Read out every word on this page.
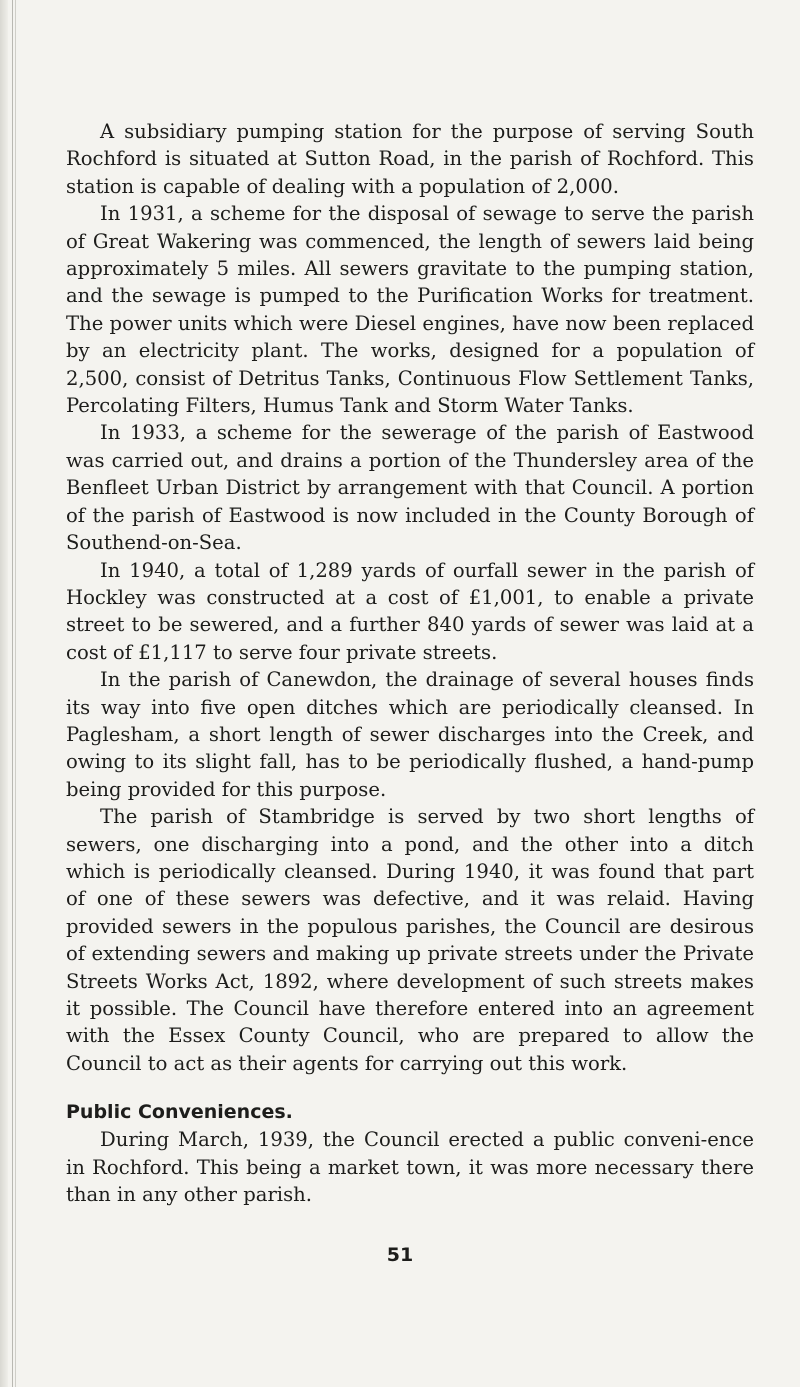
A subsidiary pumping station for the purpose of serving South Rochford is situated at Sutton Road, in the parish of Rochford. This station is capable of dealing with a population of 2,000.

In 1931, a scheme for the disposal of sewage to serve the parish of Great Wakering was commenced, the length of sewers laid being approximately 5 miles. All sewers gravitate to the pumping station, and the sewage is pumped to the Purification Works for treatment. The power units which were Diesel engines, have now been replaced by an electricity plant. The works, designed for a population of 2,500, consist of Detritus Tanks, Continuous Flow Settlement Tanks, Percolating Filters, Humus Tank and Storm Water Tanks.

In 1933, a scheme for the sewerage of the parish of Eastwood was carried out, and drains a portion of the Thundersley area of the Benfleet Urban District by arrangement with that Council. A portion of the parish of Eastwood is now included in the County Borough of Southend-on-Sea.

In 1940, a total of 1,289 yards of ourfall sewer in the parish of Hockley was constructed at a cost of £1,001, to enable a private street to be sewered, and a further 840 yards of sewer was laid at a cost of £1,117 to serve four private streets.

In the parish of Canewdon, the drainage of several houses finds its way into five open ditches which are periodically cleansed. In Paglesham, a short length of sewer discharges into the Creek, and owing to its slight fall, has to be periodically flushed, a hand-pump being provided for this purpose.

The parish of Stambridge is served by two short lengths of sewers, one discharging into a pond, and the other into a ditch which is periodically cleansed. During 1940, it was found that part of one of these sewers was defective, and it was relaid. Having provided sewers in the populous parishes, the Council are desirous of extending sewers and making up private streets under the Private Streets Works Act, 1892, where development of such streets makes it possible. The Council have therefore entered into an agreement with the Essex County Council, who are prepared to allow the Council to act as their agents for carrying out this work.

Public Conveniences.

During March, 1939, the Council erected a public conveni-ence in Rochford. This being a market town, it was more necessary there than in any other parish.

51
